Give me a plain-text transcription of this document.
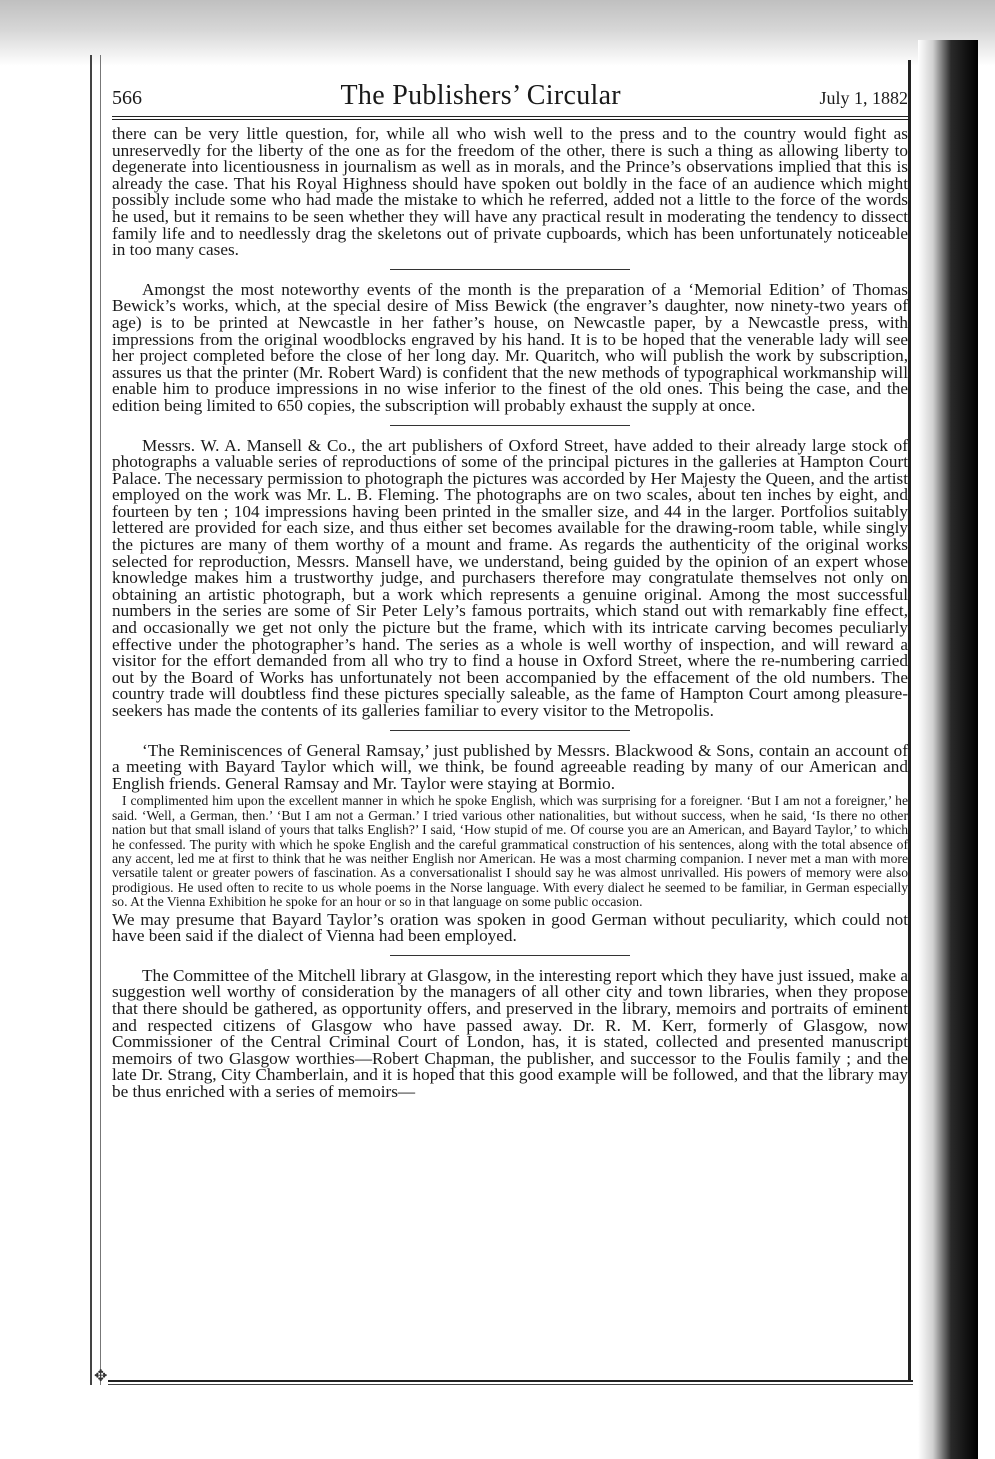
566	The Publishers’ Circular	July 1, 1882

there can be very little question, for, while all who wish well to the press and to the country would fight as unreservedly for the liberty of the one as for the freedom of the other, there is such a thing as allowing liberty to degenerate into licentiousness in journalism as well as in morals, and the Prince’s observations implied that this is already the case. That his Royal Highness should have spoken out boldly in the face of an audience which might possibly include some who had made the mistake to which he referred, added not a little to the force of the words he used, but it remains to be seen whether they will have any practical result in moderating the tendency to dissect family life and to needlessly drag the skeletons out of private cupboards, which has been unfortunately noticeable in too many cases.

Amongst the most noteworthy events of the month is the preparation of a ‘Memorial Edition’ of Thomas Bewick’s works, which, at the special desire of Miss Bewick (the engraver’s daughter, now ninety-two years of age) is to be printed at Newcastle in her father’s house, on Newcastle paper, by a Newcastle press, with impressions from the original woodblocks engraved by his hand. It is to be hoped that the venerable lady will see her project completed before the close of her long day. Mr. Quaritch, who will publish the work by subscription, assures us that the printer (Mr. Robert Ward) is confident that the new methods of typographical workmanship will enable him to produce impressions in no wise inferior to the finest of the old ones. This being the case, and the edition being limited to 650 copies, the subscription will probably exhaust the supply at once.

Messrs. W. A. Mansell & Co., the art publishers of Oxford Street, have added to their already large stock of photographs a valuable series of reproductions of some of the principal pictures in the galleries at Hampton Court Palace. The necessary permission to photograph the pictures was accorded by Her Majesty the Queen, and the artist employed on the work was Mr. L. B. Fleming. The photographs are on two scales, about ten inches by eight, and fourteen by ten ; 104 impressions having been printed in the smaller size, and 44 in the larger. Portfolios suitably lettered are provided for each size, and thus either set becomes available for the drawing-room table, while singly the pictures are many of them worthy of a mount and frame. As regards the authenticity of the original works selected for reproduction, Messrs. Mansell have, we understand, being guided by the opinion of an expert whose knowledge makes him a trustworthy judge, and purchasers therefore may congratulate themselves not only on obtaining an artistic photograph, but a work which represents a genuine original. Among the most successful numbers in the series are some of Sir Peter Lely’s famous portraits, which stand out with remarkably fine effect, and occasionally we get not only the picture but the frame, which with its intricate carving becomes peculiarly effective under the photographer’s hand. The series as a whole is well worthy of inspection, and will reward a visitor for the effort demanded from all who try to find a house in Oxford Street, where the re-numbering carried out by the Board of Works has unfortunately not been accompanied by the effacement of the old numbers. The country trade will doubtless find these pictures specially saleable, as the fame of Hampton Court among pleasure-seekers has made the contents of its galleries familiar to every visitor to the Metropolis.

‘The Reminiscences of General Ramsay,’ just published by Messrs. Blackwood & Sons, contain an account of a meeting with Bayard Taylor which will, we think, be found agreeable reading by many of our American and English friends. General Ramsay and Mr. Taylor were staying at Bormio.

I complimented him upon the excellent manner in which he spoke English, which was surprising for a foreigner. ‘But I am not a foreigner,’ he said. ‘Well, a German, then.’ ‘But I am not a German.’ I tried various other nationalities, but without success, when he said, ‘Is there no other nation but that small island of yours that talks English?’ I said, ‘How stupid of me. Of course you are an American, and Bayard Taylor,’ to which he confessed. The purity with which he spoke English and the careful grammatical construction of his sentences, along with the total absence of any accent, led me at first to think that he was neither English nor American. He was a most charming companion. I never met a man with more versatile talent or greater powers of fascination. As a conversationalist I should say he was almost unrivalled. His powers of memory were also prodigious. He used often to recite to us whole poems in the Norse language. With every dialect he seemed to be familiar, in German especially so. At the Vienna Exhibition he spoke for an hour or so in that language on some public occasion.

We may presume that Bayard Taylor’s oration was spoken in good German without peculiarity, which could not have been said if the dialect of Vienna had been employed.

The Committee of the Mitchell library at Glasgow, in the interesting report which they have just issued, make a suggestion well worthy of consideration by the managers of all other city and town libraries, when they propose that there should be gathered, as opportunity offers, and preserved in the library, memoirs and portraits of eminent and respected citizens of Glasgow who have passed away. Dr. R. M. Kerr, formerly of Glasgow, now Commissioner of the Central Criminal Court of London, has, it is stated, collected and presented manuscript memoirs of two Glasgow worthies—Robert Chapman, the publisher, and successor to the Foulis family ; and the late Dr. Strang, City Chamberlain, and it is hoped that this good example will be followed, and that the library may be thus enriched with a series of memoirs—

✥
